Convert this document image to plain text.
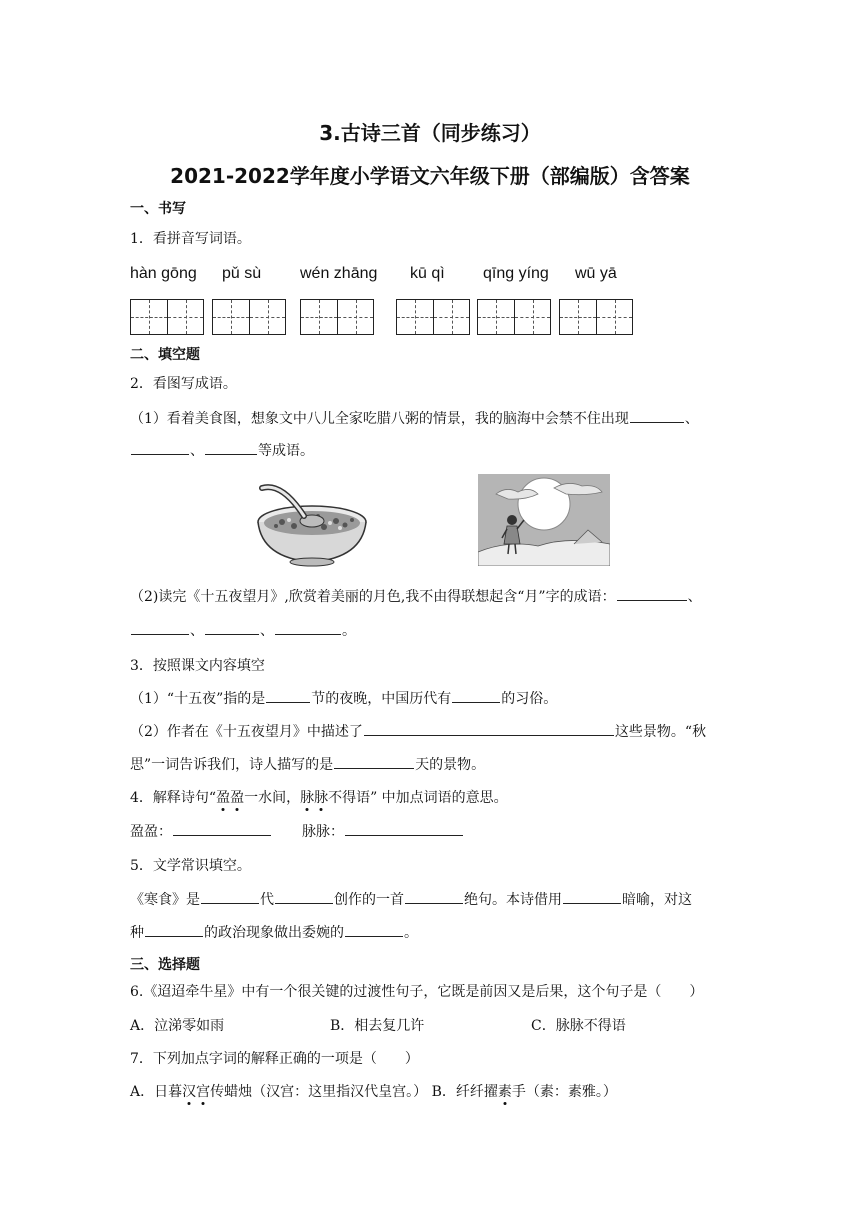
3.古诗三首（同步练习）
2021-2022学年度小学语文六年级下册（部编版）含答案
一、书写
1．看拼音写词语。
hàn gōng pǔ sù wén zhāng kū qì qīng yíng wū yā
二、填空题
2．看图写成语。
（1）看着美食图，想象文中八儿全家吃腊八粥的情景，我的脑海中会禁不住出现	、
、	等成语。
（2)读完《十五夜望月》,欣赏着美丽的月色,我不由得联想起含“月”字的成语：	、
、	、	。
3．按照课文内容填空
（1）“十五夜”指的是	节的夜晚，中国历代有	的习俗。
（2）作者在《十五夜望月》中描述了	这些景物。“秋
思”一词告诉我们，诗人描写的是	天的景物。
4．解释诗句“盈盈一水间，脉脉不得语” 中加点词语的意思。
盈盈：	脉脉：
5．文学常识填空。
《寒食》是	代	创作的一首	绝句。本诗借用	暗喻，对这
种	的政治现象做出委婉的	。
三、选择题
6.《迢迢牵牛星》中有一个很关键的过渡性句子，它既是前因又是后果，这个句子是（　　）
A．泣涕零如雨	B．相去复几许	C．脉脉不得语
7．下列加点字词的解释正确的一项是（　　）
A．日暮汉宫传蜡烛（汉宫：这里指汉代皇宫。） B．纤纤擢素手（素：素雅。）
